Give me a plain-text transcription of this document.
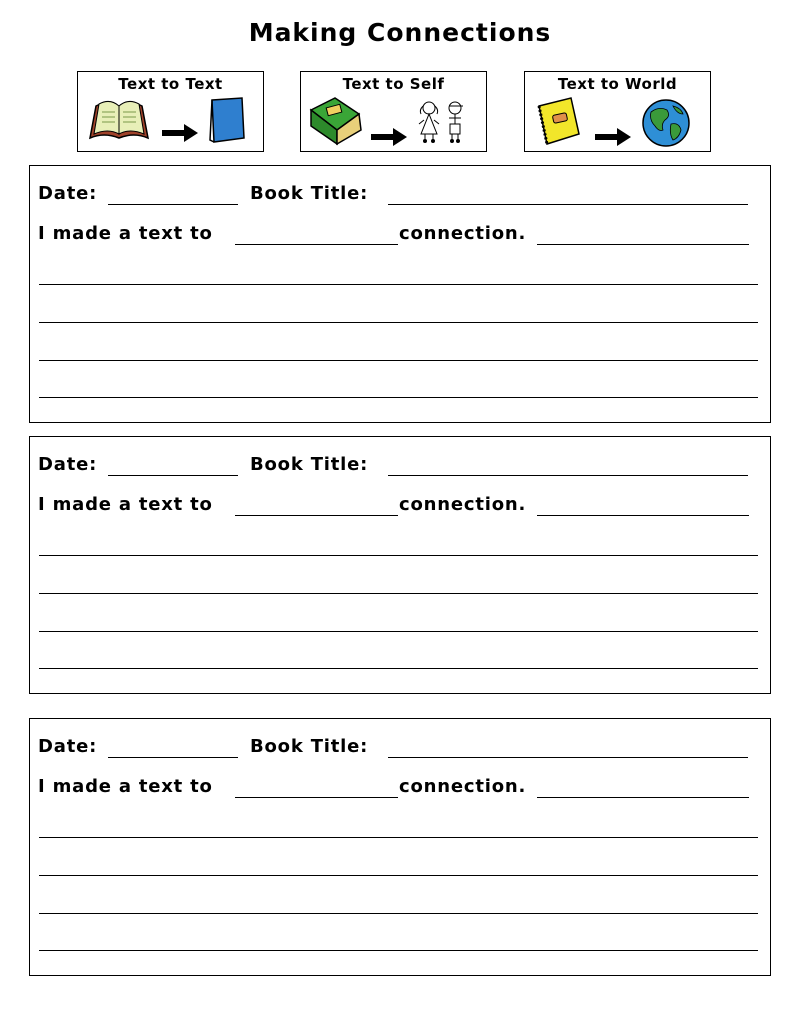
Making Connections
Text to Text	Text to Self	Text to World
Date:	Book Title:
I made a text to	connection.
Date:	Book Title:
I made a text to	connection.
Date:	Book Title:
I made a text to	connection.
